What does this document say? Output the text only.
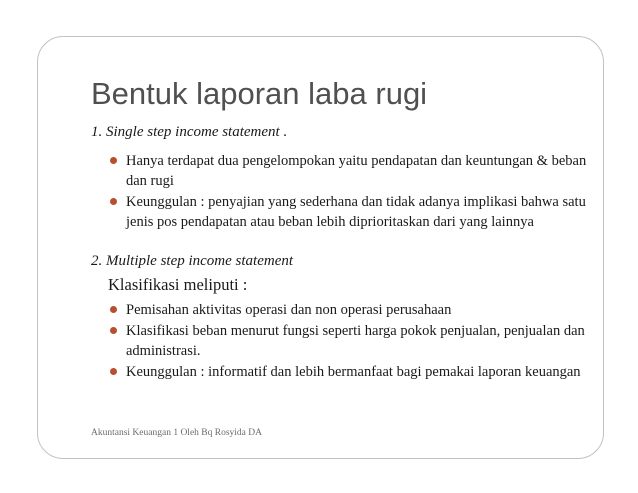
Bentuk laporan laba rugi
1. Single step income statement .
Hanya terdapat dua pengelompokan yaitu pendapatan dan keuntungan & beban dan rugi
Keunggulan : penyajian yang sederhana dan tidak adanya implikasi bahwa satu jenis pos pendapatan atau beban lebih diprioritaskan dari yang lainnya
2. Multiple step income statement
Klasifikasi meliputi :
Pemisahan aktivitas operasi dan non operasi perusahaan
Klasifikasi beban menurut fungsi seperti harga pokok penjualan, penjualan dan administrasi.
Keunggulan : informatif dan lebih bermanfaat bagi pemakai laporan keuangan
Akuntansi Keuangan 1 Oleh Bq Rosyida DA
